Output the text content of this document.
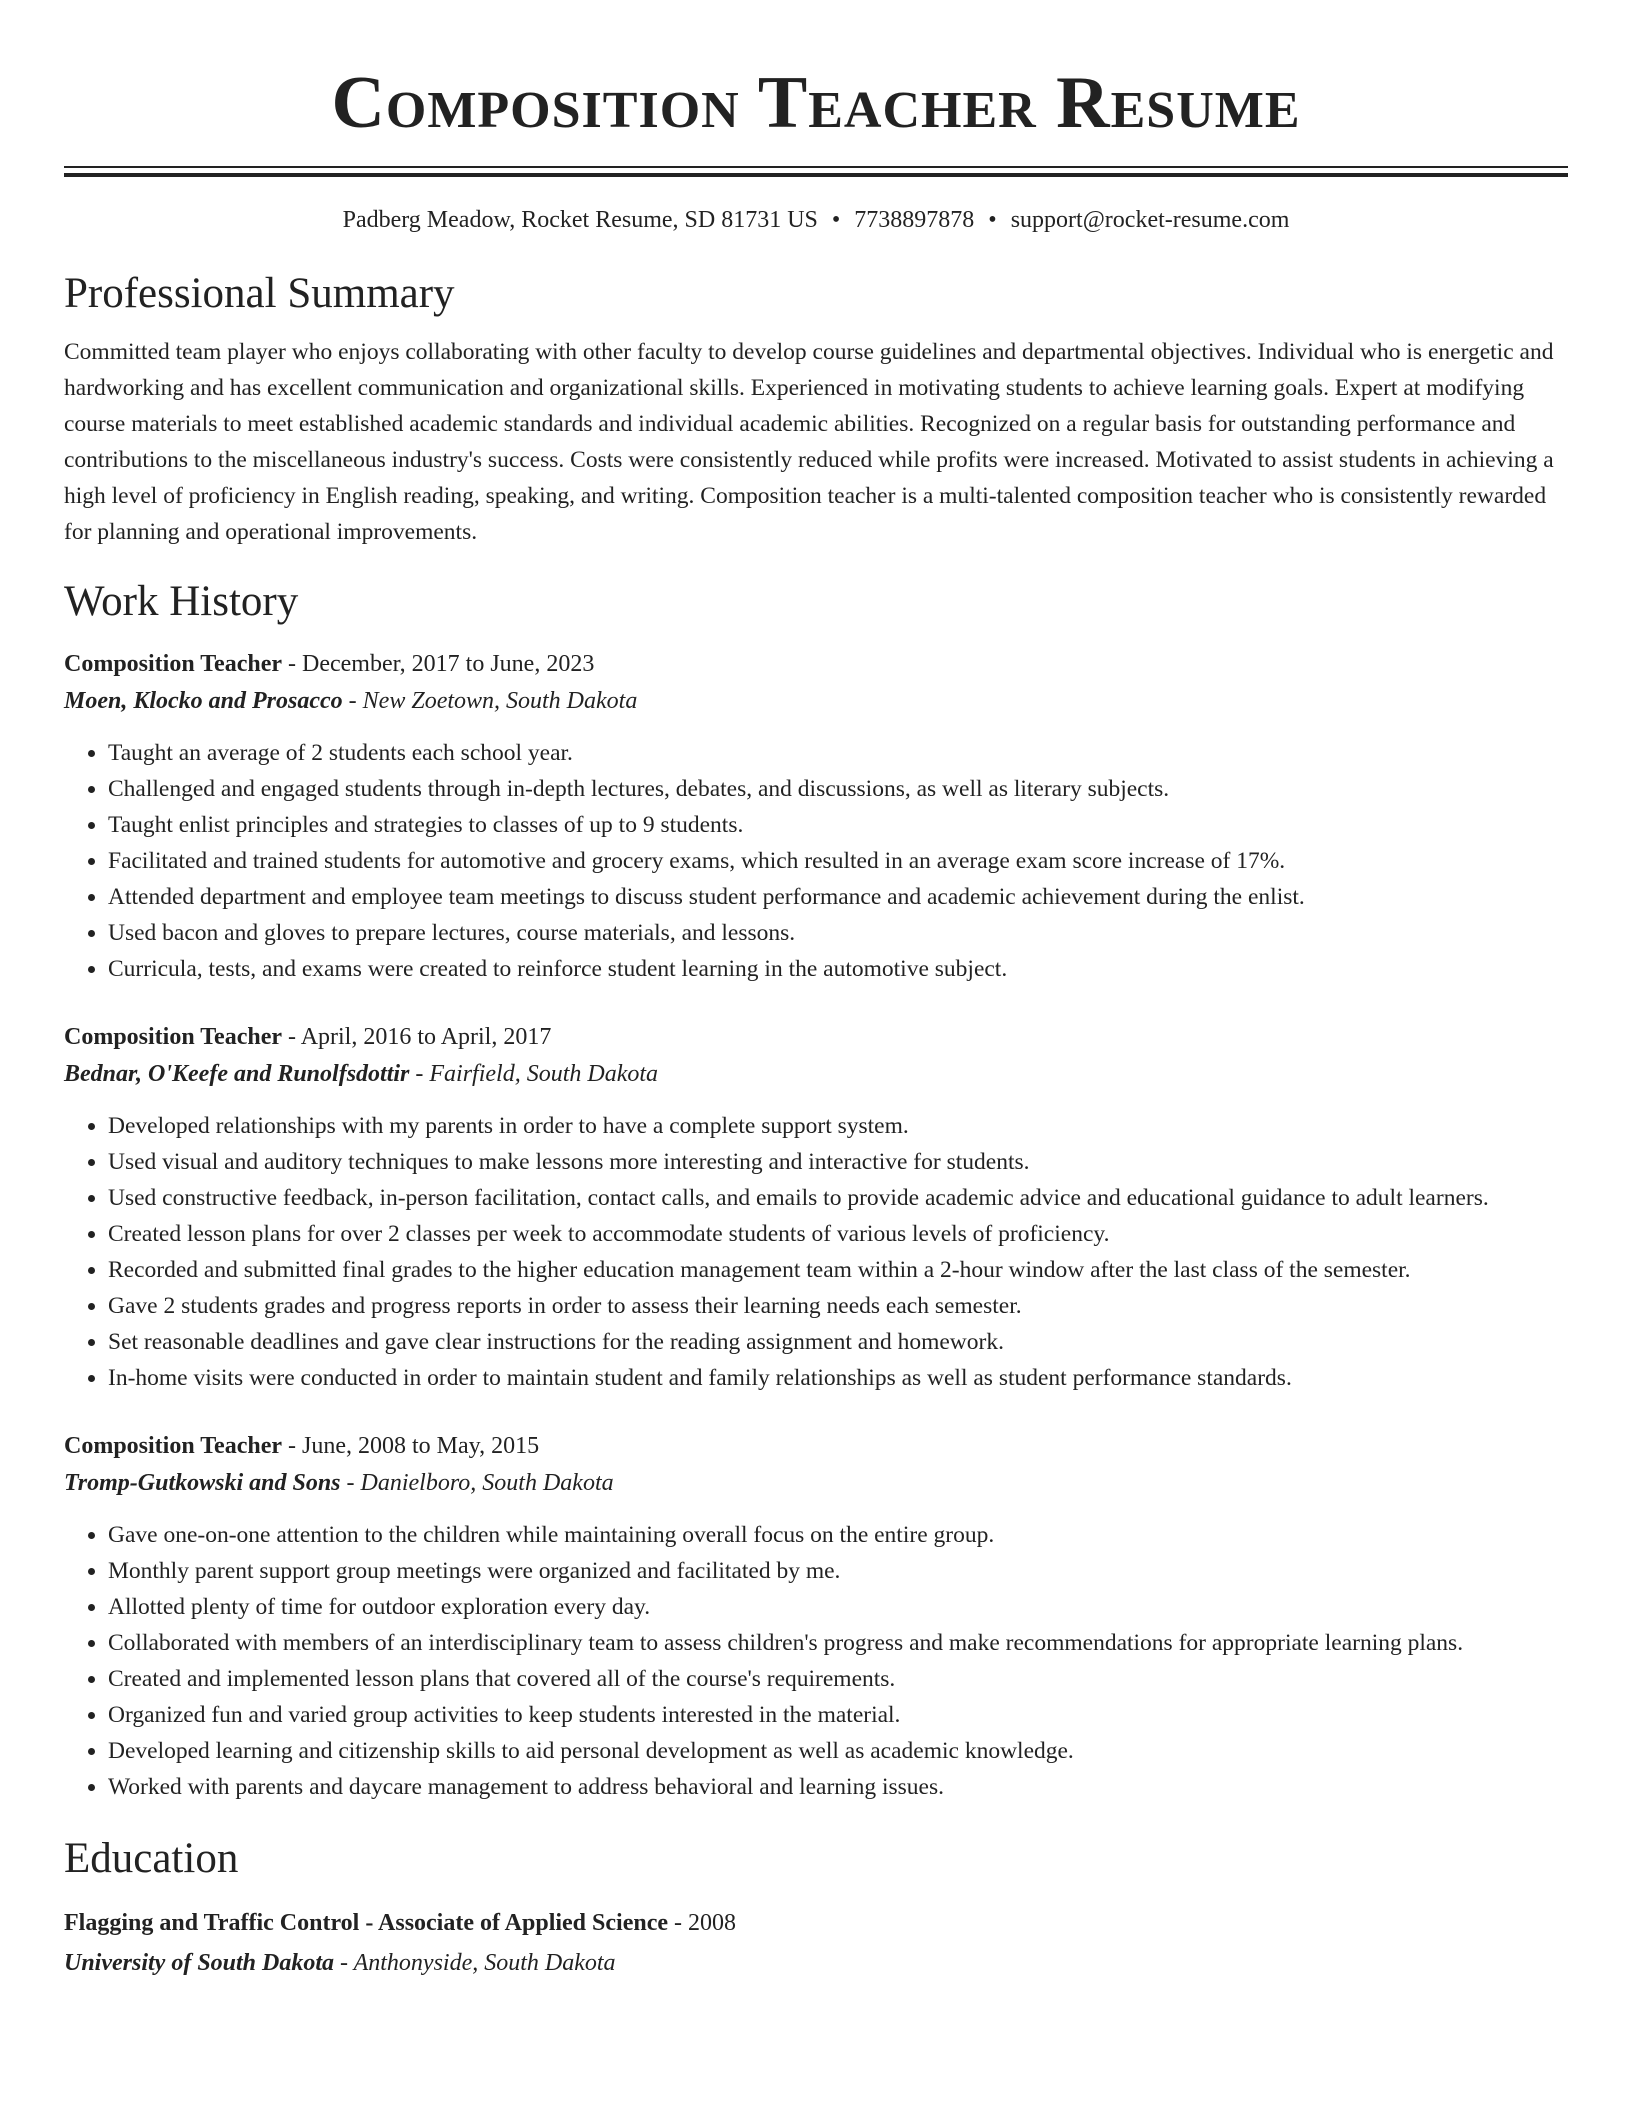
Composition Teacher Resume
Padberg Meadow, Rocket Resume, SD 81731 US • 7738897878 • support@rocket-resume.com
Professional Summary

Committed team player who enjoys collaborating with other faculty to develop course guidelines and departmental objectives. Individual who is energetic and hardworking and has excellent communication and organizational skills. Experienced in motivating students to achieve learning goals. Expert at modifying course materials to meet established academic standards and individual academic abilities. Recognized on a regular basis for outstanding performance and contributions to the miscellaneous industry's success. Costs were consistently reduced while profits were increased. Motivated to assist students in achieving a high level of proficiency in English reading, speaking, and writing. Composition teacher is a multi-talented composition teacher who is consistently rewarded for planning and operational improvements.

Work History
Composition Teacher - December, 2017 to June, 2023
Moen, Klocko and Prosacco - New Zoetown, South Dakota
• Taught an average of 2 students each school year.
• Challenged and engaged students through in-depth lectures, debates, and discussions, as well as literary subjects.
• Taught enlist principles and strategies to classes of up to 9 students.
• Facilitated and trained students for automotive and grocery exams, which resulted in an average exam score increase of 17%.
• Attended department and employee team meetings to discuss student performance and academic achievement during the enlist.
• Used bacon and gloves to prepare lectures, course materials, and lessons.
• Curricula, tests, and exams were created to reinforce student learning in the automotive subject.
Composition Teacher - April, 2016 to April, 2017
Bednar, O'Keefe and Runolfsdottir - Fairfield, South Dakota
• Developed relationships with my parents in order to have a complete support system.
• Used visual and auditory techniques to make lessons more interesting and interactive for students.
• Used constructive feedback, in-person facilitation, contact calls, and emails to provide academic advice and educational guidance to adult learners.
• Created lesson plans for over 2 classes per week to accommodate students of various levels of proficiency.
• Recorded and submitted final grades to the higher education management team within a 2-hour window after the last class of the semester.
• Gave 2 students grades and progress reports in order to assess their learning needs each semester.
• Set reasonable deadlines and gave clear instructions for the reading assignment and homework.
• In-home visits were conducted in order to maintain student and family relationships as well as student performance standards.
Composition Teacher - June, 2008 to May, 2015
Tromp-Gutkowski and Sons - Danielboro, South Dakota
• Gave one-on-one attention to the children while maintaining overall focus on the entire group.
• Monthly parent support group meetings were organized and facilitated by me.
• Allotted plenty of time for outdoor exploration every day.
• Collaborated with members of an interdisciplinary team to assess children's progress and make recommendations for appropriate learning plans.
• Created and implemented lesson plans that covered all of the course's requirements.
• Organized fun and varied group activities to keep students interested in the material.
• Developed learning and citizenship skills to aid personal development as well as academic knowledge.
• Worked with parents and daycare management to address behavioral and learning issues.
Education
Flagging and Traffic Control - Associate of Applied Science - 2008
University of South Dakota - Anthonyside, South Dakota
